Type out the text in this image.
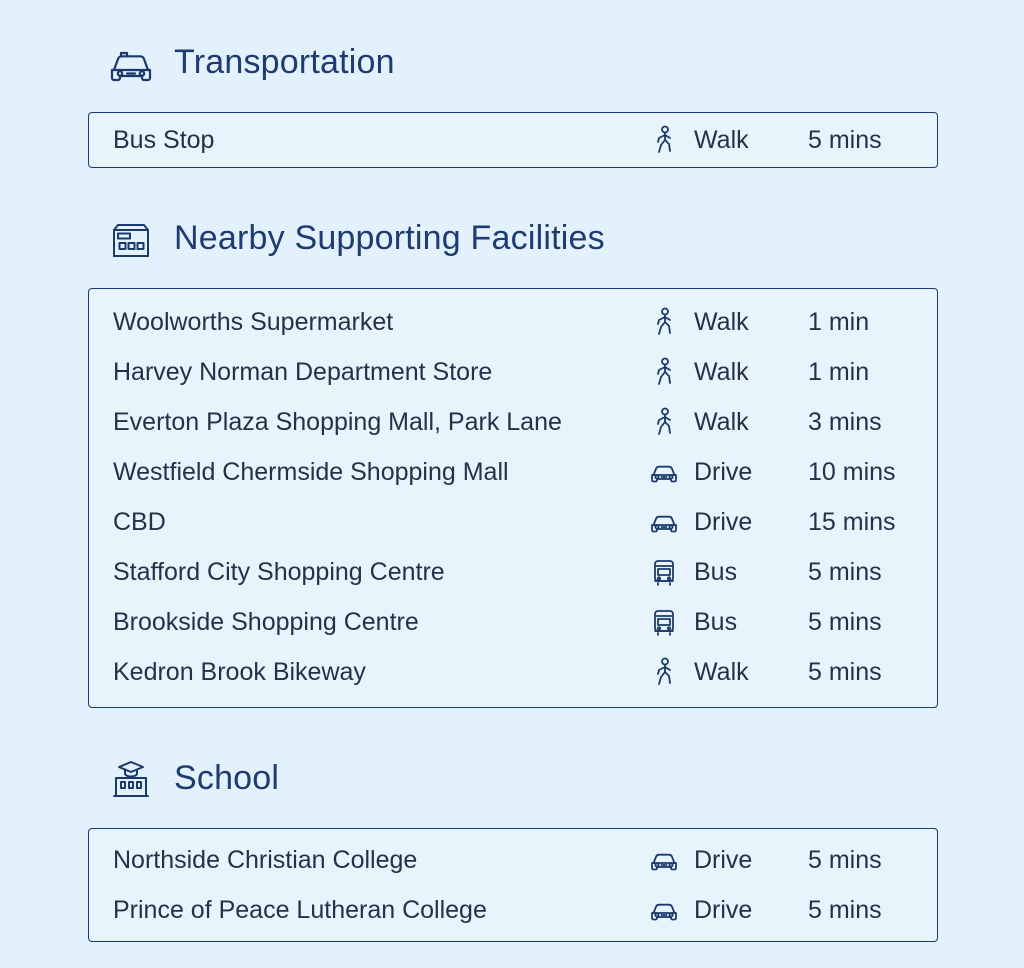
Transportation
Bus Stop	Walk 5 mins
Nearby Supporting Facilities
Woolworths Supermarket	Walk 1 min
Harvey Norman Department Store	Walk 1 min
Everton Plaza Shopping Mall, Park Lane	Walk 3 mins
Westfield Chermside Shopping Mall	Drive 10 mins
CBD	Drive 15 mins
Stafford City Shopping Centre	Bus	5 mins
Brookside Shopping Centre	Bus	5 mins
Kedron Brook Bikeway	Walk 5 mins
School
Northside Christian College	Drive 5 mins
Prince of Peace Lutheran College	Drive 5 mins
